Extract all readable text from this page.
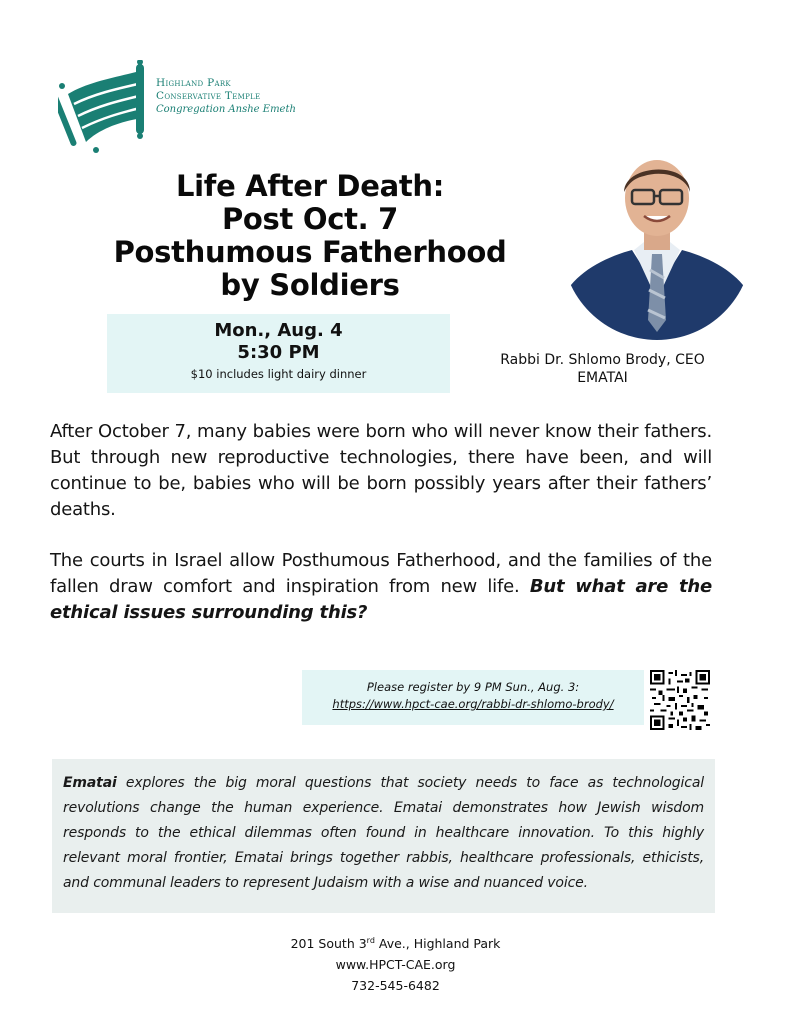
Highland Park
Conservative Temple
Congregation Anshe Emeth
Life After Death:
Post Oct. 7
Posthumous Fatherhood
by Soldiers
Mon., Aug. 4
5:30 PM
$10 includes light dairy dinner
Rabbi Dr. Shlomo Brody, CEO
EMATAI
After October 7, many babies were born who will never know their fathers. But through new reproductive technologies, there have been, and will continue to be, babies who will be born possibly years after their fathers’ deaths.
The courts in Israel allow Posthumous Fatherhood, and the families of the fallen draw comfort and inspiration from new life. But what are the ethical issues surrounding this?
Please register by 9 PM Sun., Aug. 3:
https://www.hpct-cae.org/rabbi-dr-shlomo-brody/
Ematai explores the big moral questions that society needs to face as technological revolutions change the human experience. Ematai demonstrates how Jewish wisdom responds to the ethical dilemmas often found in healthcare innovation. To this highly relevant moral frontier, Ematai brings together rabbis, healthcare professionals, ethicists, and communal leaders to represent Judaism with a wise and nuanced voice.
201 South 3rd Ave., Highland Park
www.HPCT-CAE.org
732-545-6482
